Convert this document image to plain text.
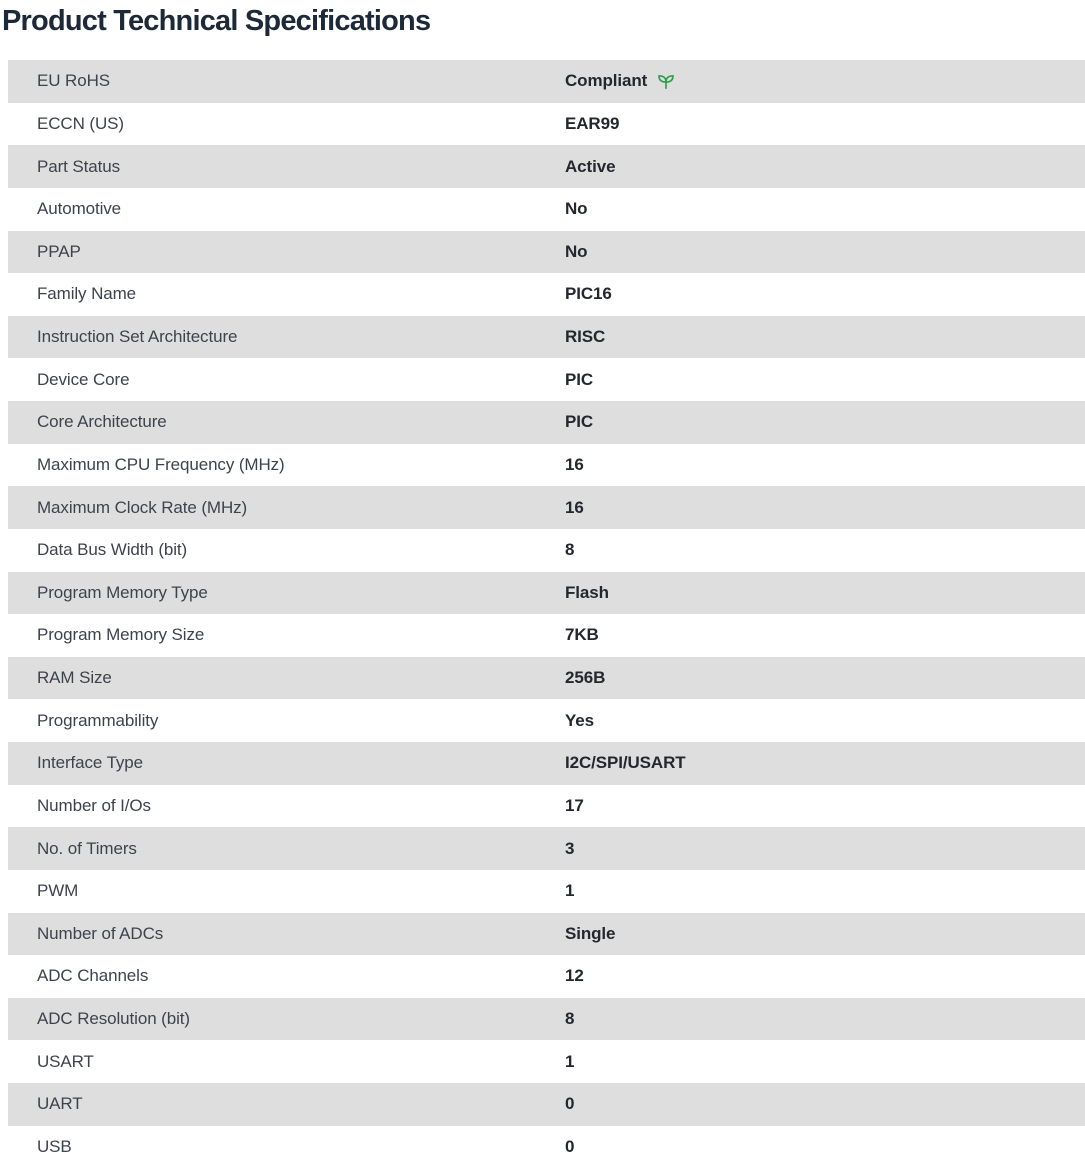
Product Technical Specifications
EU RoHS	Compliant
ECCN (US)	EAR99
Part Status	Active
Automotive	No
PPAP	No
Family Name	PIC16
Instruction Set Architecture	RISC
Device Core	PIC
Core Architecture	PIC
Maximum CPU Frequency (MHz)	16
Maximum Clock Rate (MHz)	16
Data Bus Width (bit)	8
Program Memory Type	Flash
Program Memory Size	7KB
RAM Size	256B
Programmability	Yes
Interface Type	I2C/SPI/USART
Number of I/Os	17
No. of Timers	3
PWM	1
Number of ADCs	Single
ADC Channels	12
ADC Resolution (bit)	8
USART	1
UART	0
USB	0
